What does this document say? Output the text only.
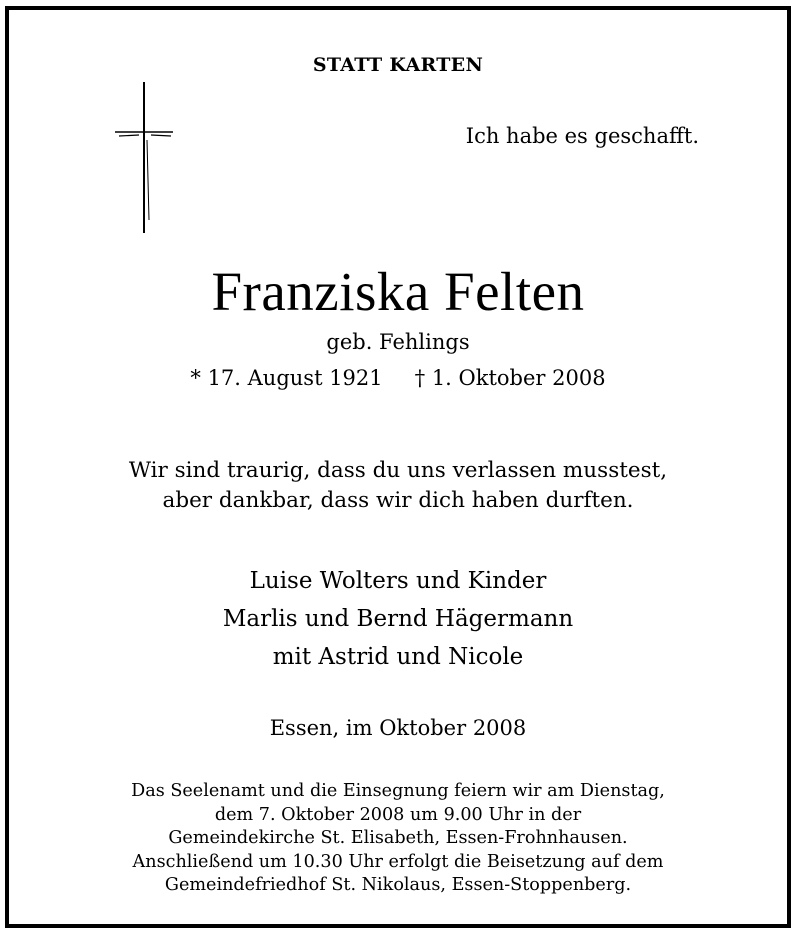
STATT KARTEN
Ich habe es geschafft.
Franziska Felten
geb. Fehlings
* 17. August 1921 † 1. Oktober 2008
Wir sind traurig, dass du uns verlassen musstest,
aber dankbar, dass wir dich haben durften.
Luise Wolters und Kinder
Marlis und Bernd Hägermann
mit Astrid und Nicole
Essen, im Oktober 2008
Das Seelenamt und die Einsegnung feiern wir am Dienstag,
dem 7. Oktober 2008 um 9.00 Uhr in der
Gemeindekirche St. Elisabeth, Essen-Frohnhausen.
Anschließend um 10.30 Uhr erfolgt die Beisetzung auf dem
Gemeindefriedhof St. Nikolaus, Essen-Stoppenberg.
